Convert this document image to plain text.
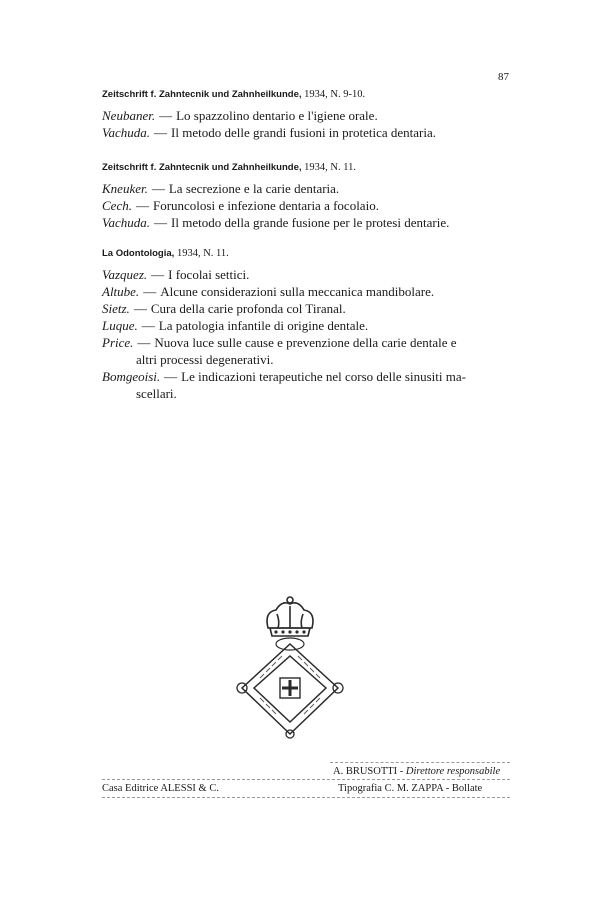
87
Zeitschrift f. Zahntecnik und Zahnheilkunde, 1934, N. 9-10.
Neubaner. — Lo spazzolino dentario e l'igiene orale.
Vachuda. — Il metodo delle grandi fusioni in protetica dentaria.
Zeitschrift f. Zahntecnik und Zahnheilkunde, 1934, N. 11.
Kneuker. — La secrezione e la carie dentaria.
Cech. — Foruncolosi e infezione dentaria a focolaio.
Vachuda. — Il metodo della grande fusione per le protesi dentarie.
La Odontologia, 1934, N. 11.
Vazquez. — I focolai settici.
Altube. — Alcune considerazioni sulla meccanica mandibolare.
Sietz. — Cura della carie profonda col Tiranal.
Luque. — La patologia infantile di origine dentale.
Price. — Nuova luce sulle cause e prevenzione della carie dentale e
altri processi degenerativi.
Bomgeoisi. — Le indicazioni terapeutiche nel corso delle sinusiti ma-
scellari.
A. BRUSOTTI - Direttore responsabile
Casa Editrice ALESSI & C.	Tipografia C. M. ZAPPA - Bollate
